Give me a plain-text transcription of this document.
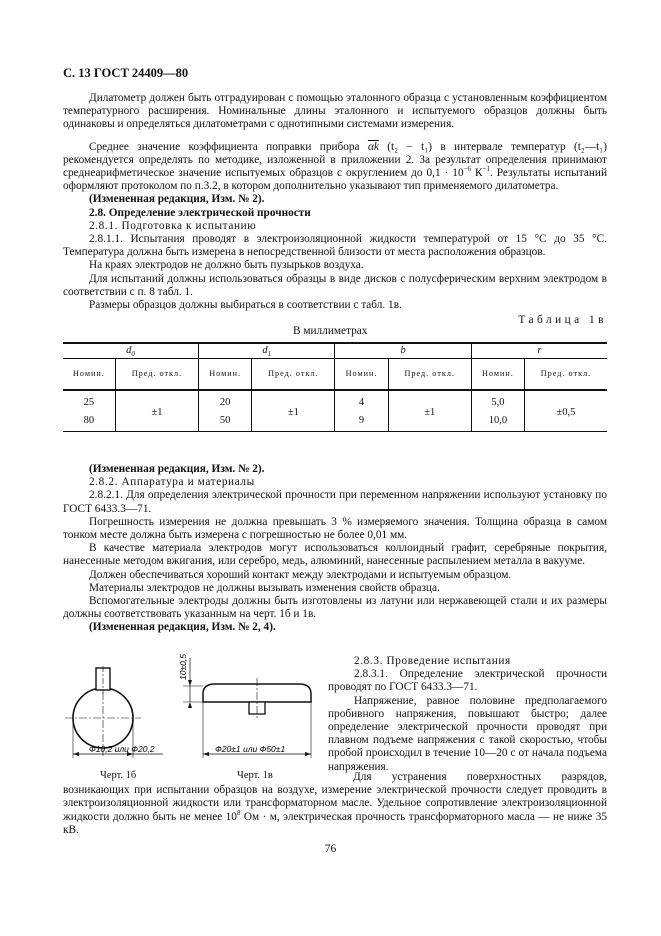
С. 13 ГОСТ 24409—80

Дилатометр должен быть отградуирован с помощью эталонного образца с установленным коэффициентом температурного расширения. Номинальные длины эталонного и испытуемого образцов должны быть одинаковы и определяться дилатометрами с однотипными системами измерения.

Среднее значение коэффициента поправки прибора $\overline{\alpha k}$ (t₂ − t₁) в интервале температур (t₂—t₁) рекомендуется определять по методике, изложенной в приложении 2. За результат определения принимают среднеарифметическое значение испытуемых образцов с округлением до $0,1 \cdot 10^{-6}$ $К^{-1}$. Результаты испытаний оформляют протоколом по п.3.2, в котором дополнительно указывают тип применяемого дилатометра.

(Измененная редакция, Изм. № 2).

2.8. Определение электрической прочности

2.8.1. Подготовка к испытанию

2.8.1.1. Испытания проводят в электроизоляционной жидкости температурой от 15 °С до 35 °С. Температура должна быть измерена в непосредственной близости от места расположения образцов.

На краях электродов не должно быть пузырьков воздуха.

Для испытаний должны использоваться образцы в виде дисков с полусферическим верхним электродом в соответствии с п. 8 табл. 1.

Размеры образцов должны выбираться в соответствии с табл. 1в.

Таблица 1в
В миллиметрах
$d_0$		$d_1$		b		r	
Номин.	Пред. откл.	Номин.	Пред. откл.	Номин.	Пред. откл.	Номин.	Пред. откл.
25	±1	20	±1	4	±1	5,0	±0,5
80		50		9		10,0	

(Измененная редакция, Изм. № 2).

2.8.2. Аппаратура и материалы

2.8.2.1. Для определения электрической прочности при переменном напряжении используют установку по ГОСТ 6433.3—71.

Погрешность измерения не должна превышать 3 % измеряемого значения. Толщина образца в самом тонком месте должна быть измерена с погрешностью не более 0,01 мм.

В качестве материала электродов могут использоваться коллоидный графит, серебряные покрытия, нанесенные методом вжигания, или серебро, медь, алюминий, нанесенные распылением металла в вакууме.

Должен обеспечиваться хороший контакт между электродами и испытуемым образцом.

Материалы электродов не должны вызывать изменения свойств образца.

Вспомогательные электроды должны быть изготовлены из латуни или нержавеющей стали и их размеры должны соответствовать указанным на черт. 1б и 1в.

(Измененная редакция, Изм. № 2, 4).

Ф10,2 или Ф20,2
10±0,5
Ф20±1 или Ф50±1
Черт. 1б	Черт. 1в

2.8.3. Проведение испытания

2.8.3.1. Определение электрической прочности проводят по ГОСТ 6433.3—71.

Напряжение, равное половине предполагаемого пробивного напряжения, повышают быстро; далее определение электрической прочности проводят при плавном подъеме напряжения с такой скоростью, чтобы пробой происходил в течение 10—20 с от начала подъема напряжения.

Для устранения поверхностных разрядов, возникающих при испытании образцов на воздухе, измерение электрической прочности следует проводить в электроизоляционной жидкости или трансформаторном масле. Удельное сопротивление электроизоляционной жидкости должно быть не менее $10^8$ Ом · м, электрическая прочность трансформаторного масла — не ниже 35 кВ.

76
